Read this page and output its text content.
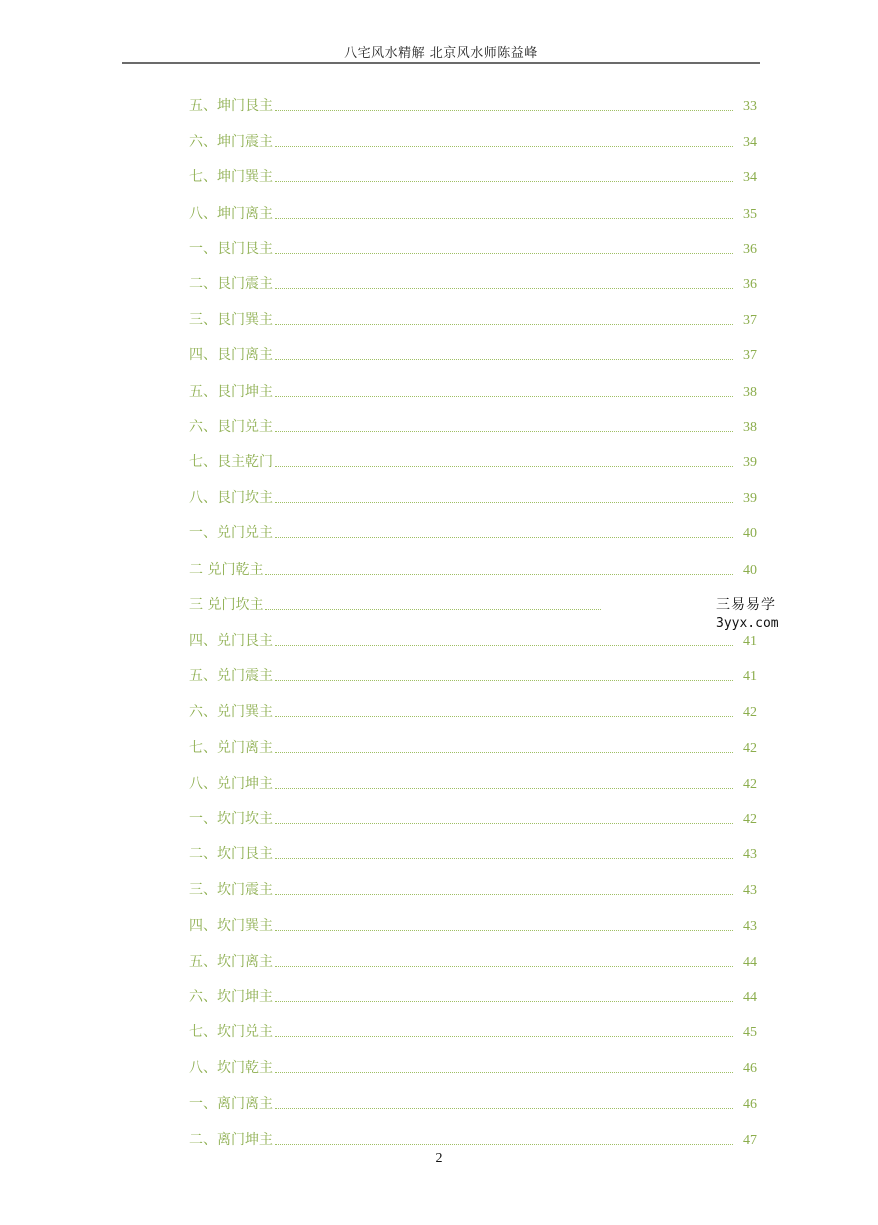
八宅风水精解 北京风水师陈益峰
五、坤门艮主	33
六、坤门震主	34
七、坤门巽主	34
八、坤门离主	35
一、艮门艮主	36
二、艮门震主	36
三、艮门巽主	37
四、艮门离主	37
五、艮门坤主	38
六、艮门兑主	38
七、艮主乾门	39
八、艮门坎主	39
一、兑门兑主	40
二 兑门乾主	40
三 兑门坎主
四、兑门艮主	41
五、兑门震主	41
六、兑门巽主	42
七、兑门离主	42
八、兑门坤主	42
一、坎门坎主	42
二、坎门艮主	43
三、坎门震主	43
四、坎门巽主	43
五、坎门离主	44
六、坎门坤主	44
七、坎门兑主	45
八、坎门乾主	46
一、离门离主	46
二、离门坤主	47
三易易学
3yyx.com
2
